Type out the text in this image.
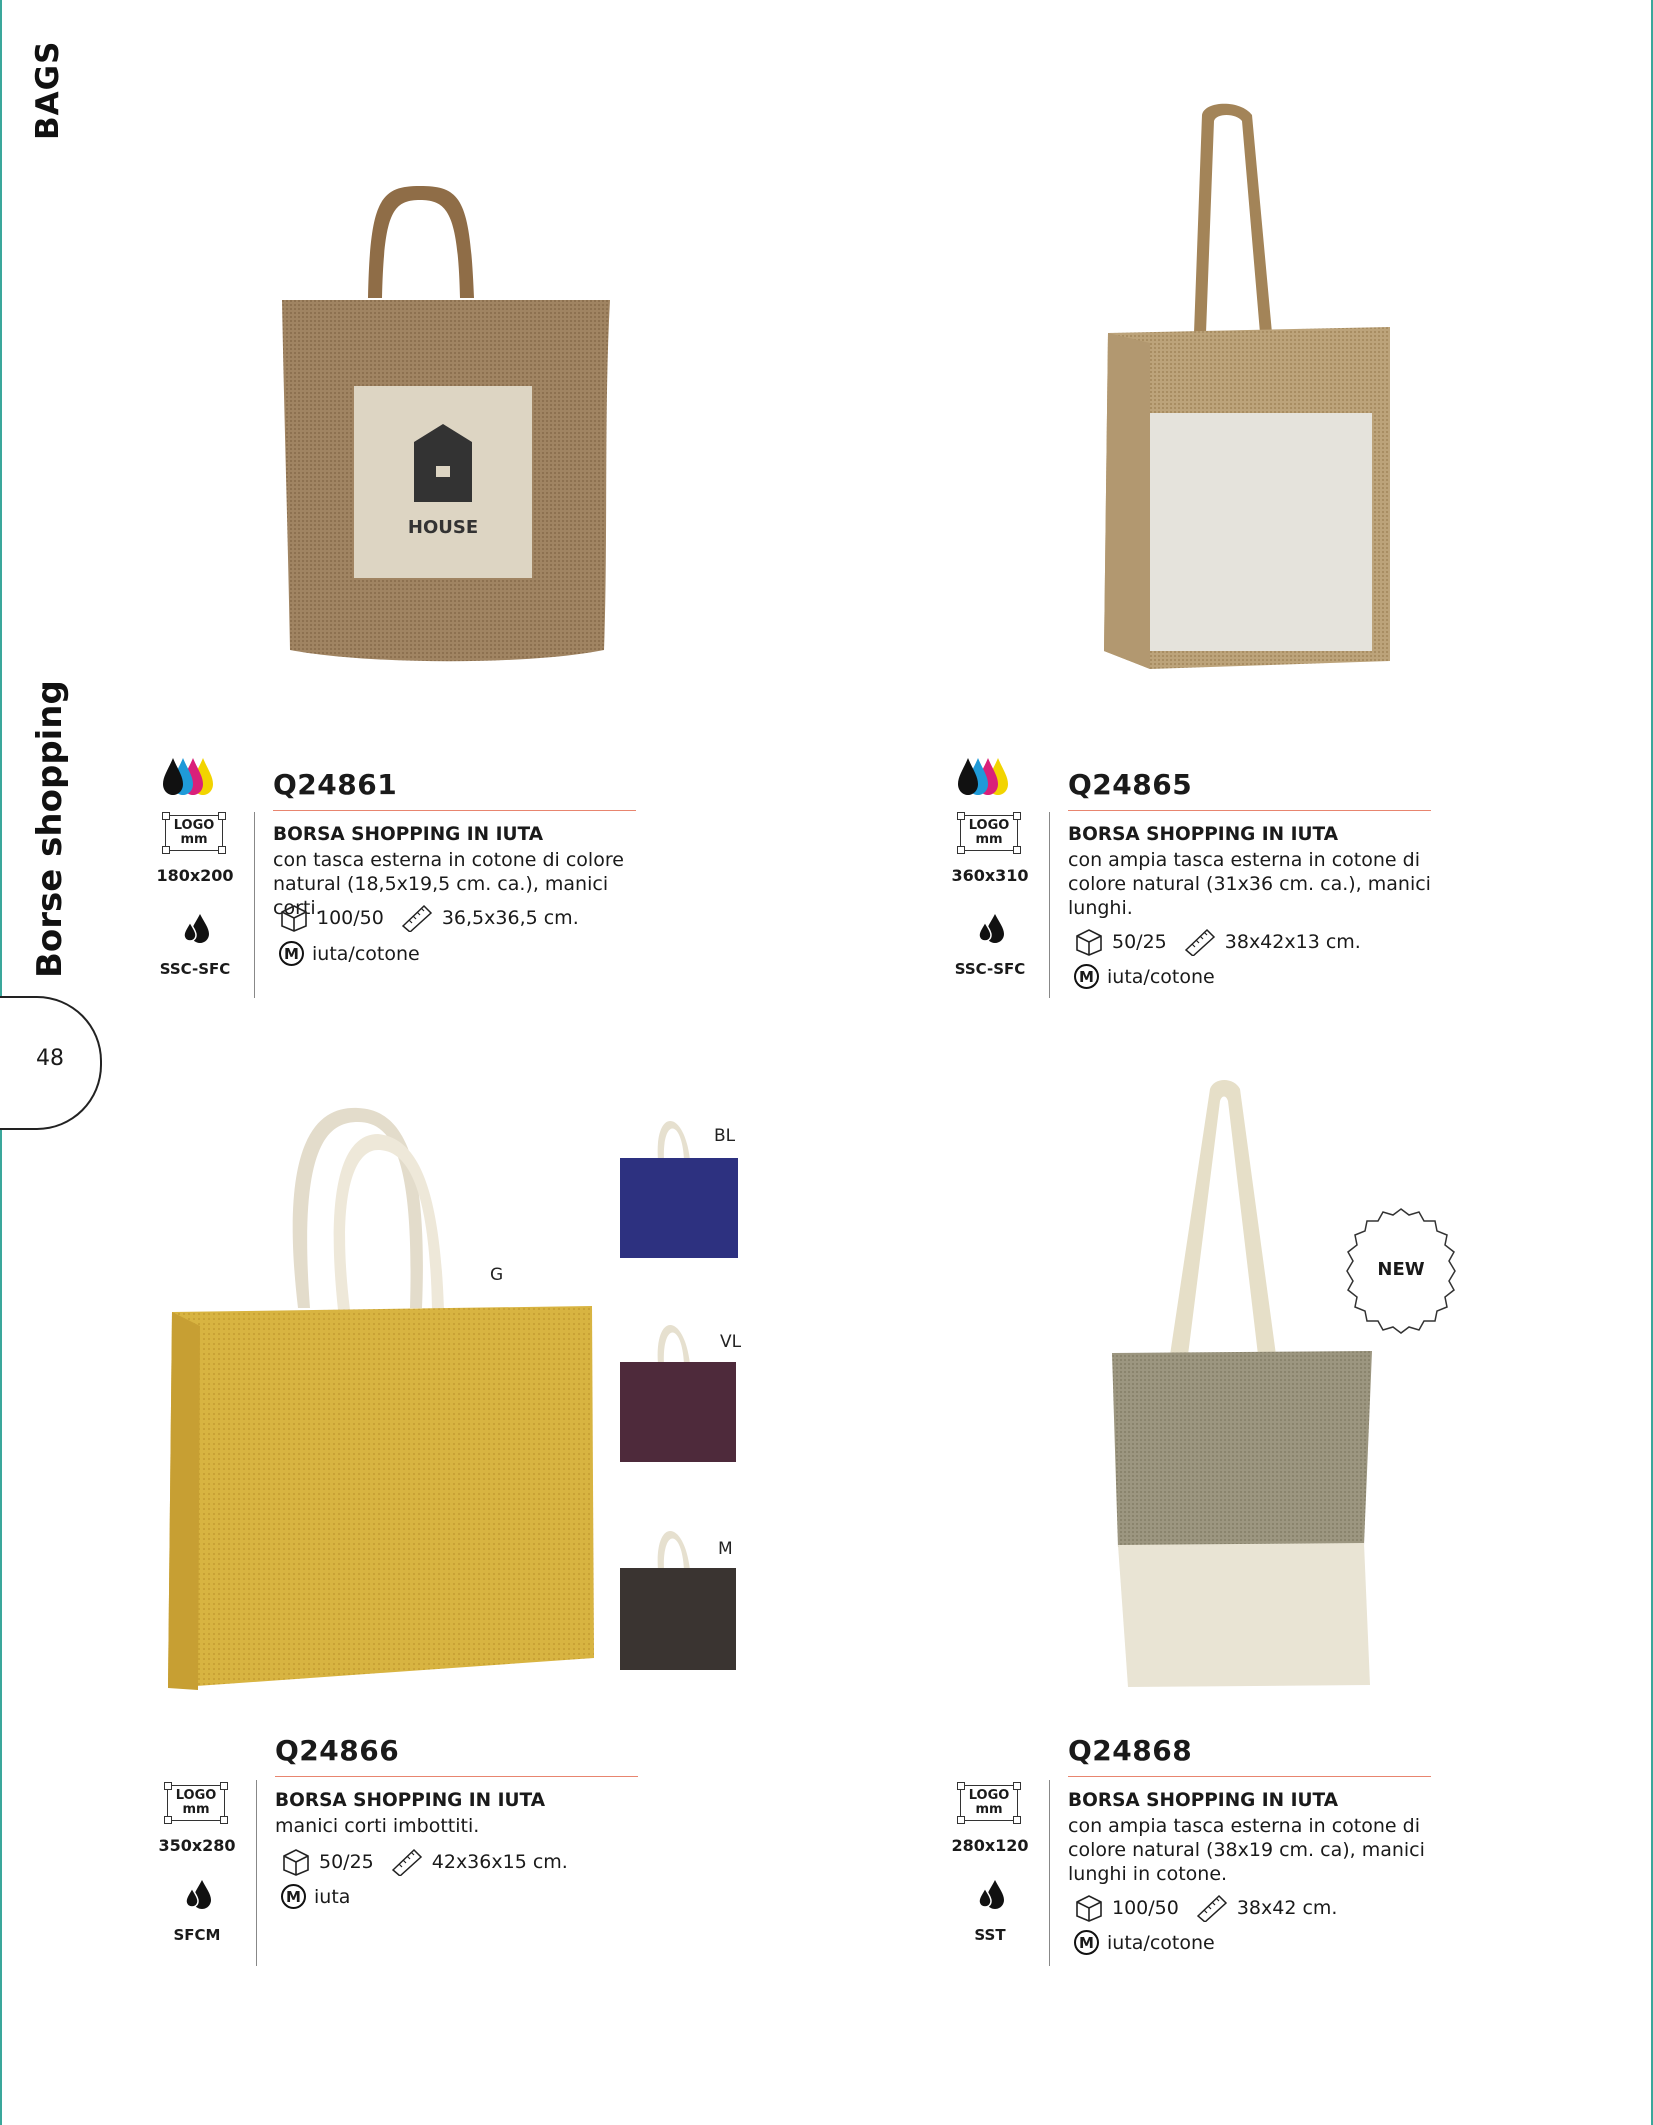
BAGS
Borse shopping
48
HOUSE
G
BL
VL
M
NEW
LOGO
mm
180x200
SSC-SFC
Q24861
BORSA SHOPPING IN IUTA
con tasca esterna in cotone di colore natural (18,5x19,5 cm. ca.), manici corti.
100/50	36,5x36,5 cm.
M iuta/cotone
LOGO
mm
360x310
SSC-SFC
Q24865
BORSA SHOPPING IN IUTA
con ampia tasca esterna in cotone di colore natural (31x36 cm. ca.), manici lunghi.
50/25	38x42x13 cm.
M iuta/cotone
LOGO
mm
350x280
SFCM
Q24866
BORSA SHOPPING IN IUTA
manici corti imbottiti.
50/25	42x36x15 cm.
M iuta
LOGO
mm
280x120
SST
Q24868
BORSA SHOPPING IN IUTA
con ampia tasca esterna in cotone di colore natural (38x19 cm. ca), manici lunghi in cotone.
100/50	38x42 cm.
M iuta/cotone
